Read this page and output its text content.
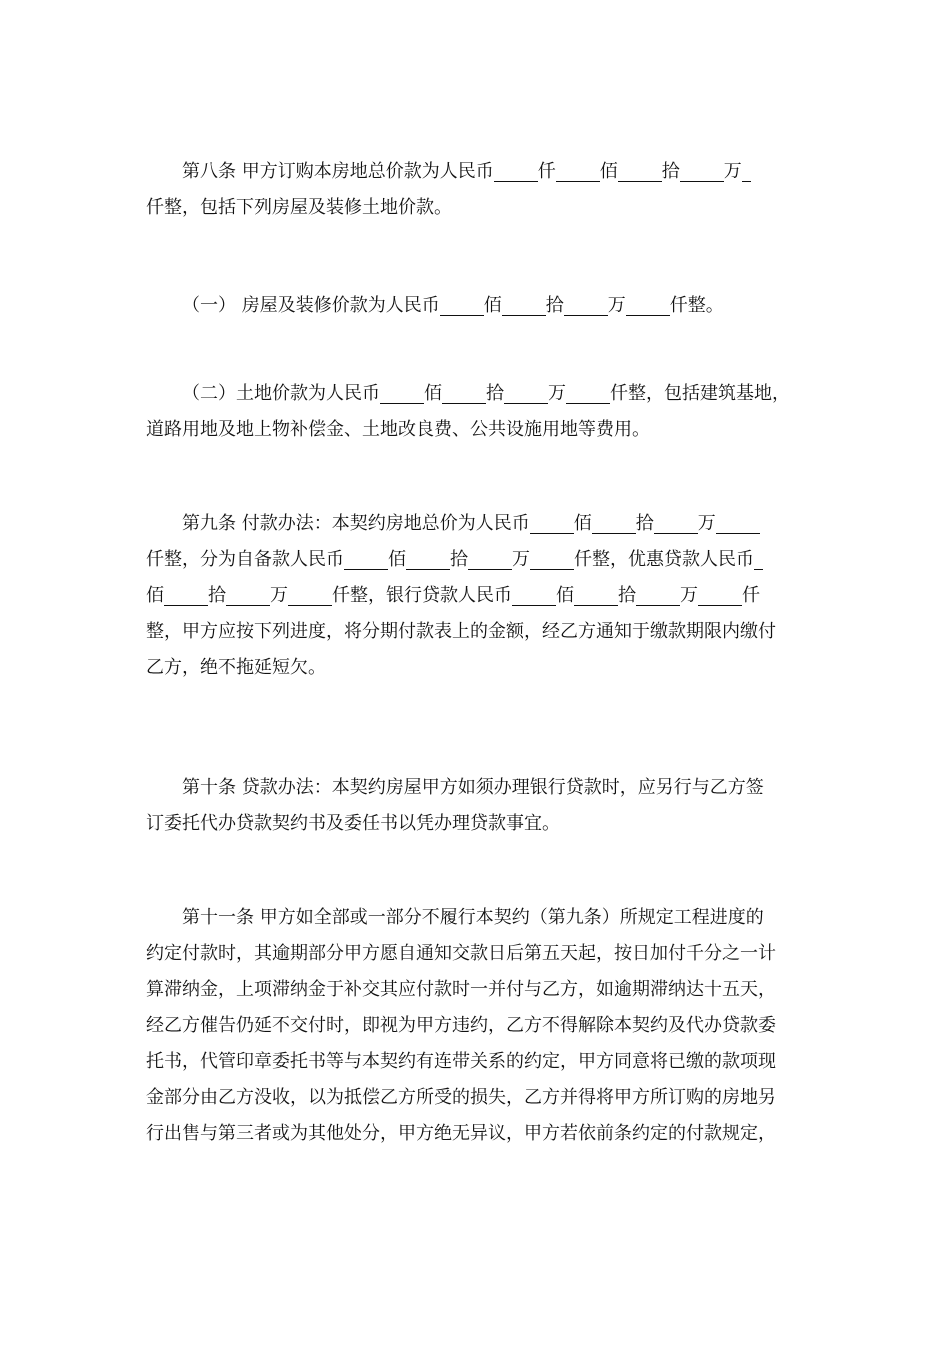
第八条 甲方订购本房地总价款为人民币 仟 佰 拾 万
仟整，包括下列房屋及装修土地价款。
（一） 房屋及装修价款为人民币 佰 拾 万 仟整。
（二）土地价款为人民币 佰 拾 万 仟整，包括建筑基地，
道路用地及地上物补偿金、土地改良费、公共设施用地等费用。
第九条 付款办法：本契约房地总价为人民币 佰 拾 万
仟整，分为自备款人民币 佰 拾 万 仟整，优惠贷款人民币
佰 拾 万 仟整，银行贷款人民币 佰 拾 万 仟
整，甲方应按下列进度，将分期付款表上的金额，经乙方通知于缴款期限内缴付
乙方，绝不拖延短欠。
第十条 贷款办法：本契约房屋甲方如须办理银行贷款时，应另行与乙方签
订委托代办贷款契约书及委任书以凭办理贷款事宜。
第十一条 甲方如全部或一部分不履行本契约（第九条）所规定工程进度的
约定付款时，其逾期部分甲方愿自通知交款日后第五天起，按日加付千分之一计
算滞纳金，上项滞纳金于补交其应付款时一并付与乙方，如逾期滞纳达十五天，
经乙方催告仍延不交付时，即视为甲方违约，乙方不得解除本契约及代办贷款委
托书，代管印章委托书等与本契约有连带关系的约定，甲方同意将已缴的款项现
金部分由乙方没收，以为抵偿乙方所受的损失，乙方并得将甲方所订购的房地另
行出售与第三者或为其他处分，甲方绝无异议，甲方若依前条约定的付款规定，
